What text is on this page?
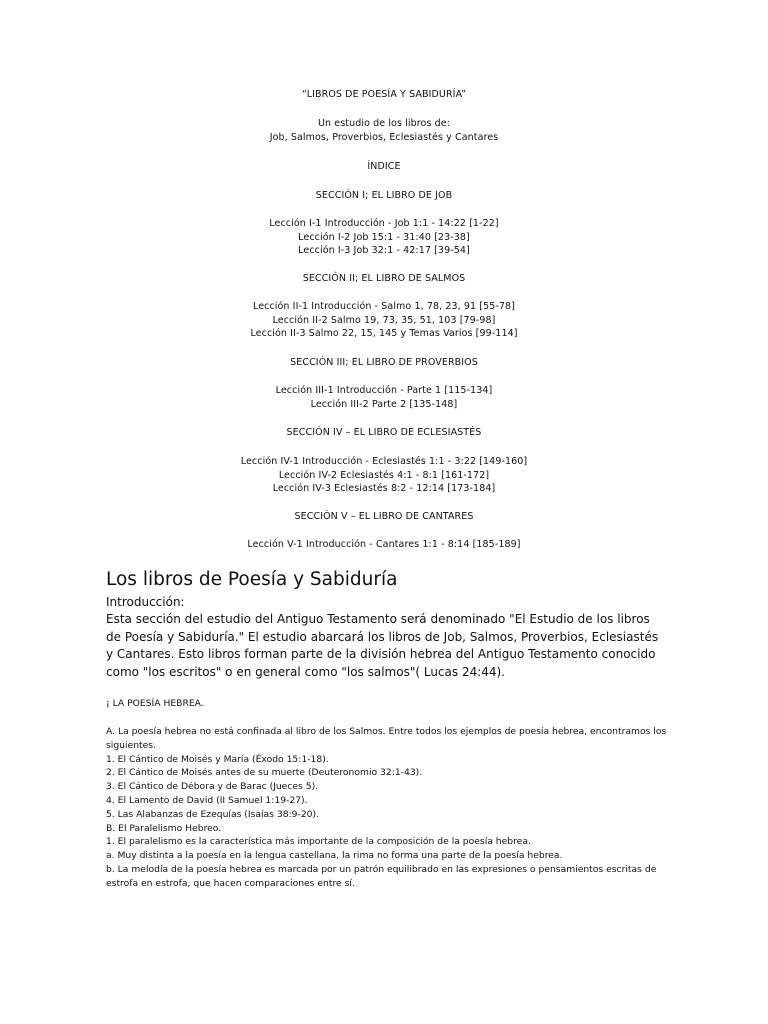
“LIBROS DE POESÍA Y SABIDURÍA”

Un estudio de los libros de:

Job, Salmos, Proverbios, Eclesiastés y Cantares

ÍNDICE

SECCIÓN I; EL LIBRO DE JOB

Lección I-1 Introducción - Job 1:1 - 14:22 [1-22]

Lección I-2 Job 15:1 - 31:40 [23-38]

Lección I-3 Job 32:1 - 42:17 [39-54]

SECCIÓN II; EL LIBRO DE SALMOS

Lección II-1 Introducción - Salmo 1, 78, 23, 91 [55-78]

Lección II-2 Salmo 19, 73, 35, 51, 103 [79-98]

Lección II-3 Salmo 22, 15, 145 y Temas Varios [99-114]

SECCIÓN III; EL LIBRO DE PROVERBIOS

Lección III-1 Introducción - Parte 1 [115-134]

Lección III-2 Parte 2 [135-148]

SECCIÓN IV – EL LIBRO DE ECLESIASTÉS

Lección IV-1 Introducción - Eclesiastés 1:1 - 3:22 [149-160]

Lección IV-2 Eclesiastés 4:1 - 8:1 [161-172]

Lección IV-3 Eclesiastés 8:2 - 12:14 [173-184]

SECCIÓN V – EL LIBRO DE CANTARES

Lección V-1 Introducción - Cantares 1:1 - 8:14 [185-189]

Los libros de Poesía y Sabiduría

Introducción:

Esta sección del estudio del Antiguo Testamento será denominado "El Estudio de los libros de Poesía y Sabiduría." El estudio abarcará los libros de Job, Salmos, Proverbios, Eclesiastés y Cantares. Esto libros forman parte de la división hebrea del Antiguo Testamento conocido como "los escritos" o en general como "los salmos"( Lucas 24:44).

¡ LA POESÍA HEBREA.

A. La poesía hebrea no está confinada al libro de los Salmos. Entre todos los ejemplos de poesía hebrea, encontramos los siguientes.

1. El Cántico de Moisés y María (Éxodo 15:1-18).

2. El Cántico de Moisés antes de su muerte (Deuteronomio 32:1-43).

3. El Cántico de Débora y de Barac (Jueces 5).

4. El Lamento de David (II Samuel 1:19-27).

5. Las Alabanzas de Ezequías (Isaías 38:9-20).

B. El Paralelismo Hebreo.

1. El paralelismo es la característica más importante de la composición de la poesía hebrea.

a. Muy distinta a la poesía en la lengua castellana, la rima no forma una parte de la poesía hebrea.

b. La melodía de la poesía hebrea es marcada por un patrón equilibrado en las expresiones o pensamientos escritas de estrofa en estrofa, que hacen comparaciones entre sí.
